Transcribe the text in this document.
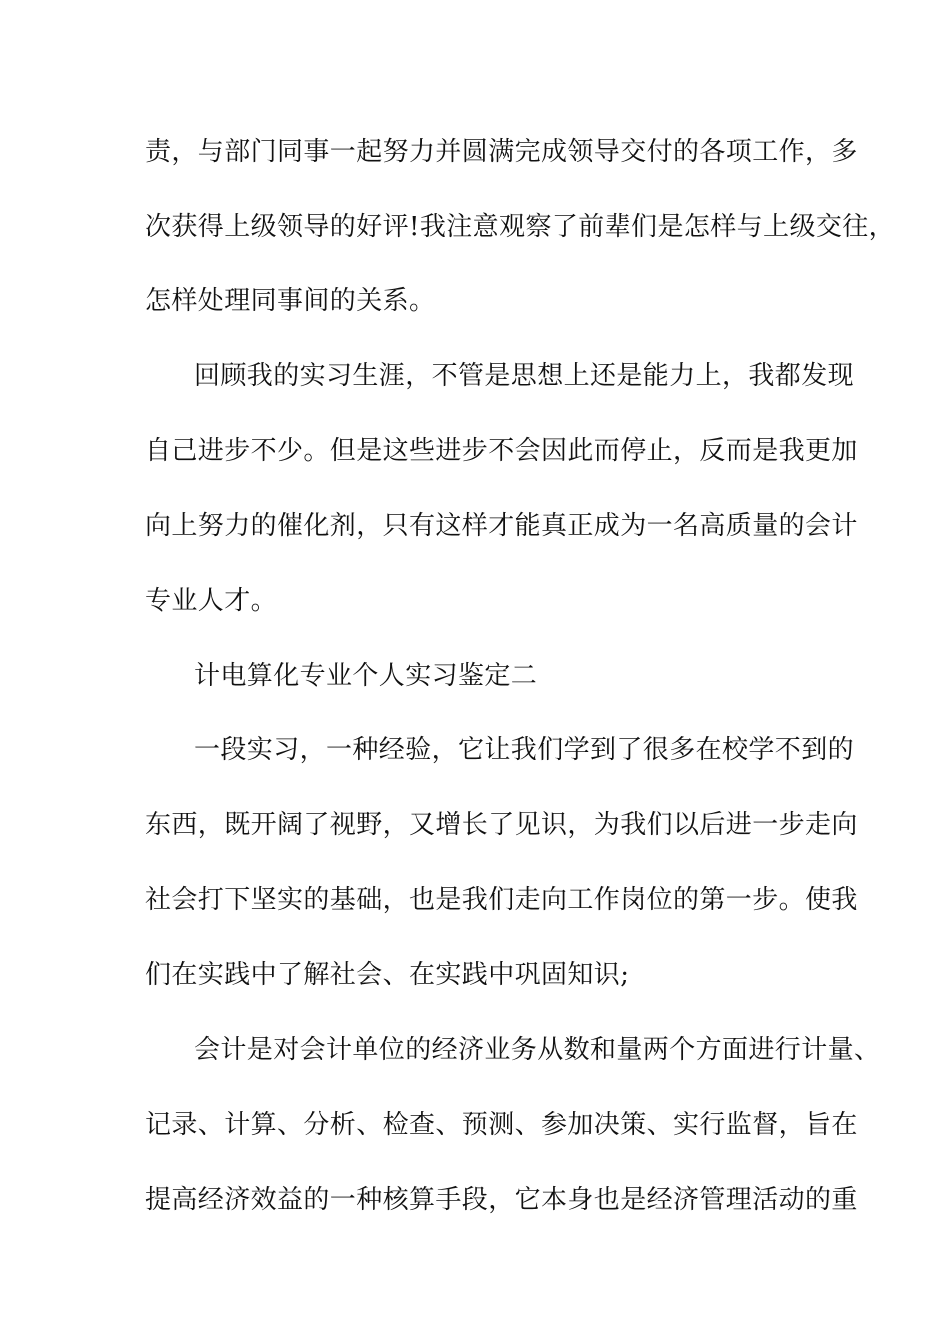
责，与部门同事一起努力并圆满完成领导交付的各项工作，多
次获得上级领导的好评!我注意观察了前辈们是怎样与上级交往，
怎样处理同事间的关系。
回顾我的实习生涯，不管是思想上还是能力上，我都发现
自己进步不少。但是这些进步不会因此而停止，反而是我更加
向上努力的催化剂，只有这样才能真正成为一名高质量的会计
专业人才。
计电算化专业个人实习鉴定二
一段实习，一种经验，它让我们学到了很多在校学不到的
东西，既开阔了视野，又增长了见识，为我们以后进一步走向
社会打下坚实的基础，也是我们走向工作岗位的第一步。使我
们在实践中了解社会、在实践中巩固知识;
会计是对会计单位的经济业务从数和量两个方面进行计量、
记录、计算、分析、检查、预测、参加决策、实行监督，旨在
提高经济效益的一种核算手段，它本身也是经济管理活动的重
